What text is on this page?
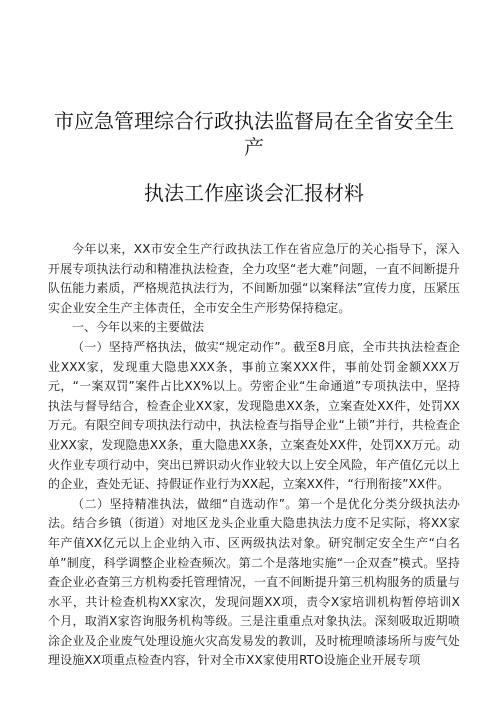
市应急管理综合行政执法监督局在全省安全生产
执法工作座谈会汇报材料

今年以来，XX市安全生产行政执法工作在省应急厅的关心指导下，深入开展专项执法行动和精准执法检查，全力攻坚“老大难”问题，一直不间断提升队伍能力素质，严格规范执法行为，不间断加强“以案释法”宣传力度，压紧压实企业安全生产主体责任，全市安全生产形势保持稳定。

一、今年以来的主要做法

（一）坚持严格执法，做实“规定动作”。截至8月底，全市共执法检查企业XXX家，发现重大隐患XXX条，事前立案XXX件，事前处罚金额XXX万元，“一案双罚”案件占比XX%以上。劳密企业“生命通道”专项执法中，坚持执法与督导结合，检查企业XX家，发现隐患XX条，立案查处XX件，处罚XX万元。有限空间专项执法行动中，执法检查与指导企业“上锁”并行，共检查企业XX家，发现隐患XX条，重大隐患XX条，立案查处XX件，处罚XX万元。动火作业专项行动中，突出已辨识动火作业较大以上安全风险，年产值亿元以上的企业，查处无证、持假证作业行为XX起，立案XX件，“行刑衔接”XX件。

（二）坚持精准执法，做细“自选动作”。第一个是优化分类分级执法办法。结合乡镇（街道）对地区龙头企业重大隐患执法力度不足实际，将XX家年产值XX亿元以上企业纳入市、区两级执法对象。研究制定安全生产“白名单”制度，科学调整企业检查频次。第二个是落地实施“一企双查”模式。坚持查企业必查第三方机构委托管理情况，一直不间断提升第三机构服务的质量与水平，共计检查机构XX家次，发现问题XX项，责令X家培训机构暂停培训X个月，取消X家咨询服务机构等级。三是注重重点对象执法。深刻吸取近期喷涂企业及企业废气处理设施火灾高发易发的教训，及时梳理喷漆场所与废气处理设施XX项重点检查内容，针对全市XX家使用RTO设施企业开展专项
